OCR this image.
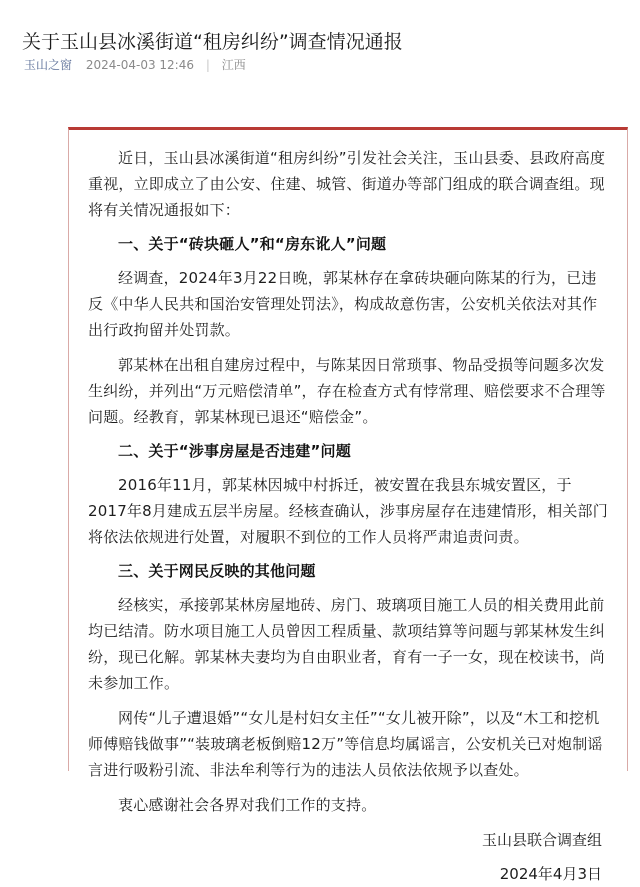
关于玉山县冰溪街道“租房纠纷”调查情况通报
玉山之窗 2024-04-03 12:46 | 江西

近日，玉山县冰溪街道“租房纠纷”引发社会关注，玉山县委、县政府高度重视，立即成立了由公安、住建、城管、街道办等部门组成的联合调查组。现将有关情况通报如下：

一、关于“砖块砸人”和“房东讹人”问题

经调查，2024年3月22日晚，郭某林存在拿砖块砸向陈某的行为，已违反《中华人民共和国治安管理处罚法》，构成故意伤害，公安机关依法对其作出行政拘留并处罚款。

郭某林在出租自建房过程中，与陈某因日常琐事、物品受损等问题多次发生纠纷，并列出“万元赔偿清单”，存在检查方式有悖常理、赔偿要求不合理等问题。经教育，郭某林现已退还“赔偿金”。

二、关于“涉事房屋是否违建”问题

2016年11月，郭某林因城中村拆迁，被安置在我县东城安置区，于2017年8月建成五层半房屋。经核查确认，涉事房屋存在违建情形，相关部门将依法依规进行处置，对履职不到位的工作人员将严肃追责问责。

三、关于网民反映的其他问题

经核实，承接郭某林房屋地砖、房门、玻璃项目施工人员的相关费用此前均已结清。防水项目施工人员曾因工程质量、款项结算等问题与郭某林发生纠纷，现已化解。郭某林夫妻均为自由职业者，育有一子一女，现在校读书，尚未参加工作。

网传“儿子遭退婚”“女儿是村妇女主任”“女儿被开除”，以及“木工和挖机师傅赔钱做事”“装玻璃老板倒赔12万”等信息均属谣言，公安机关已对炮制谣言进行吸粉引流、非法牟利等行为的违法人员依法依规予以查处。

衷心感谢社会各界对我们工作的支持。

玉山县联合调查组

2024年4月3日
